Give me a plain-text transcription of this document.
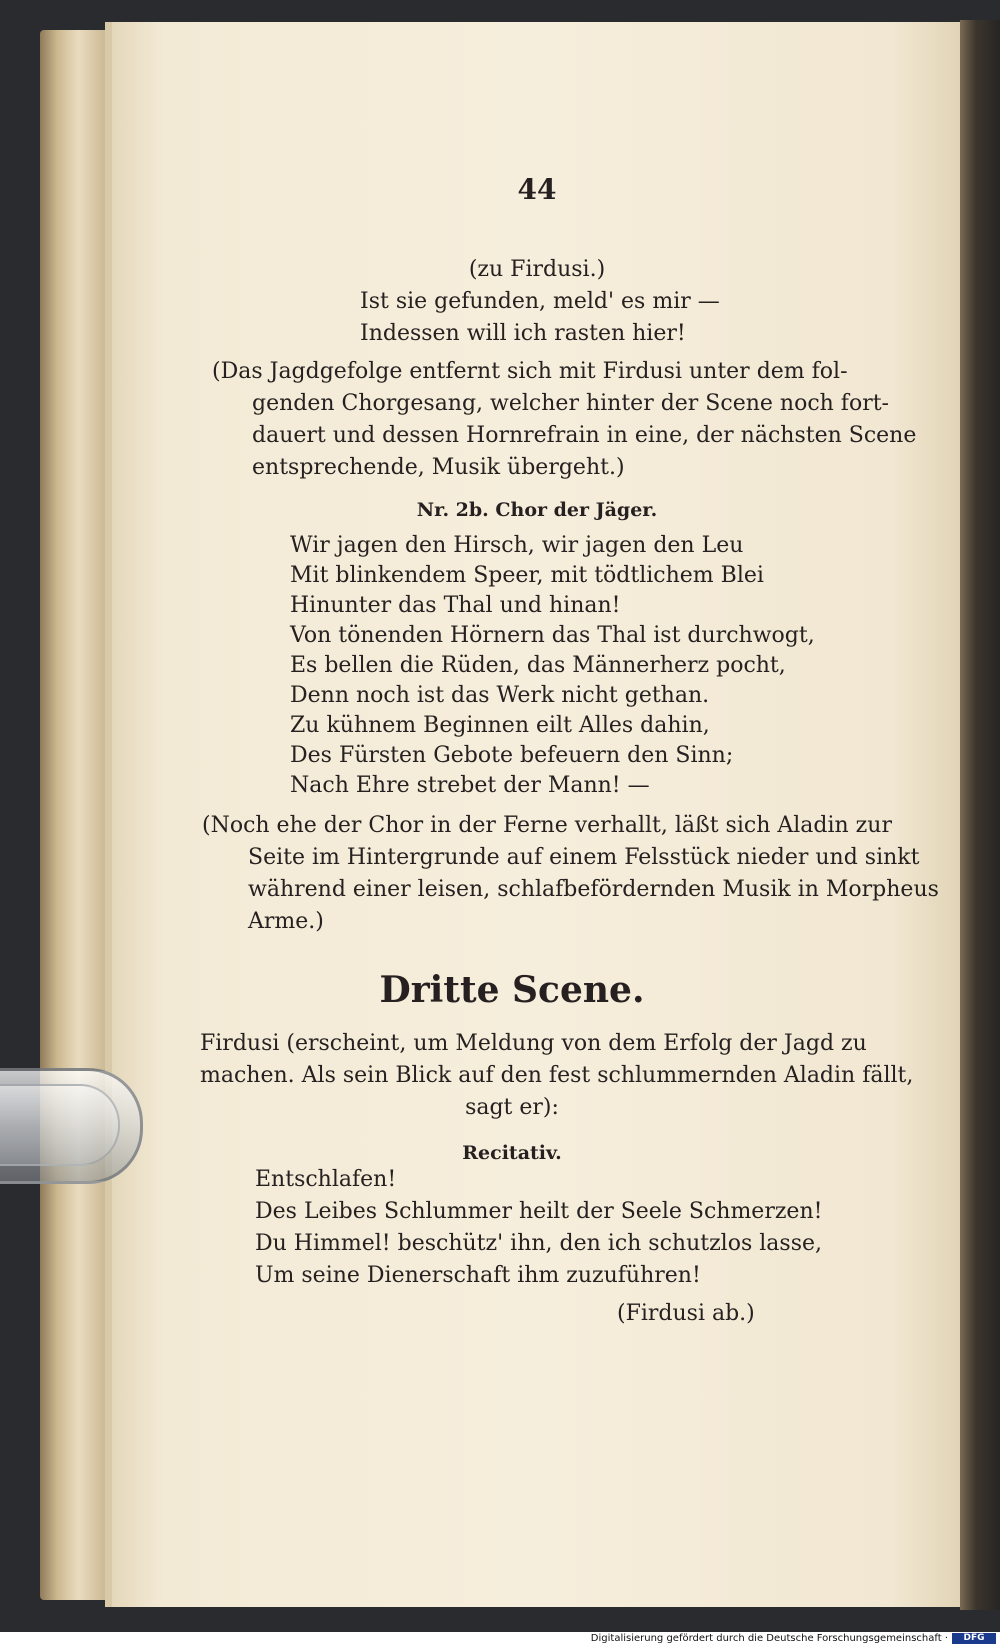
44
(zu Firdusi.)
Ist sie gefunden, meld' es mir —
Indessen will ich rasten hier!
(Das Jagdgefolge entfernt sich mit Firdusi unter dem fol-
genden Chorgesang, welcher hinter der Scene noch fort-
dauert und dessen Hornrefrain in eine, der nächsten Scene
entsprechende, Musik übergeht.)
Nr. 2b. Chor der Jäger.
Wir jagen den Hirsch, wir jagen den Leu
Mit blinkendem Speer, mit tödtlichem Blei
Hinunter das Thal und hinan!
Von tönenden Hörnern das Thal ist durchwogt,
Es bellen die Rüden, das Männerherz pocht,
Denn noch ist das Werk nicht gethan.
Zu kühnem Beginnen eilt Alles dahin,
Des Fürsten Gebote befeuern den Sinn;
Nach Ehre strebet der Mann! —
(Noch ehe der Chor in der Ferne verhallt, läßt sich Aladin zur
Seite im Hintergrunde auf einem Felsstück nieder und sinkt
während einer leisen, schlafbefördernden Musik in Morpheus
Arme.)
Dritte Scene.
Firdusi (erscheint, um Meldung von dem Erfolg der Jagd zu
machen. Als sein Blick auf den fest schlummernden Aladin fällt,
sagt er):
Recitativ.
Entschlafen!
Des Leibes Schlummer heilt der Seele Schmerzen!
Du Himmel! beschütz' ihn, den ich schutzlos lasse,
Um seine Dienerschaft ihm zuzuführen!
(Firdusi ab.)
Digitalisierung gefördert durch die Deutsche Forschungsgemeinschaft ·	DFG
